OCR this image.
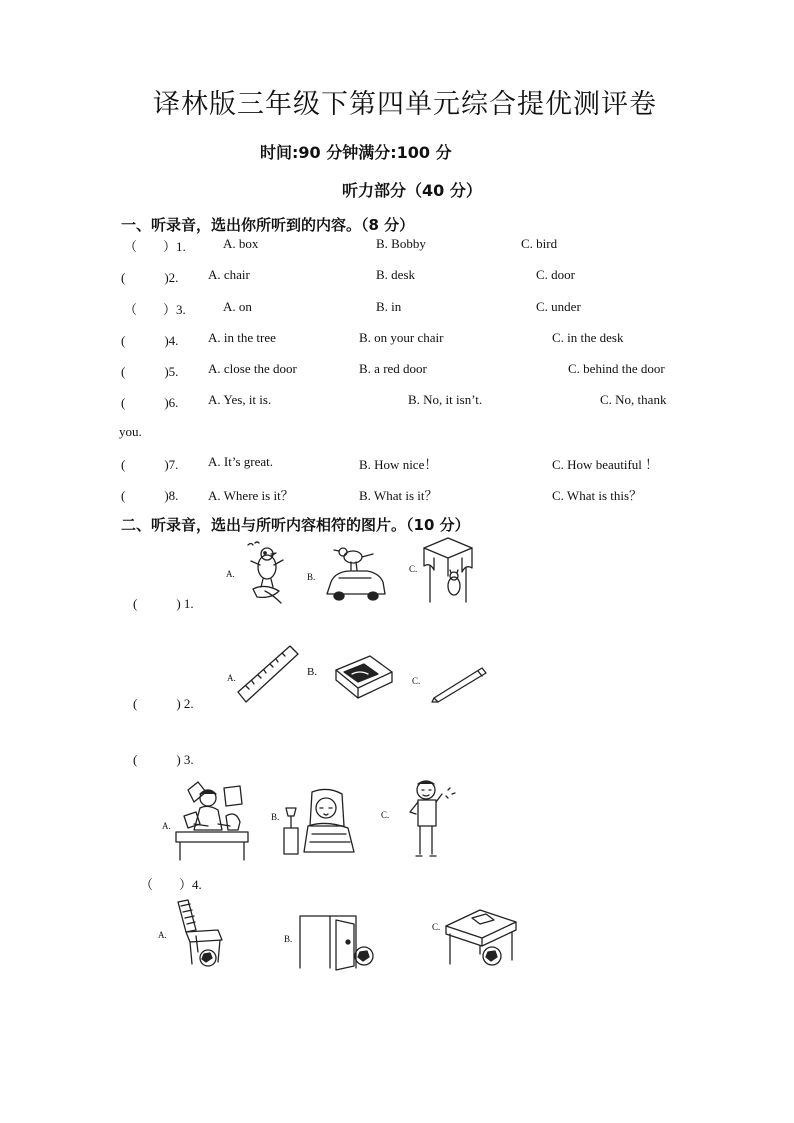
译林版三年级下第四单元综合提优测评卷
时间:90 分钟满分:100 分
听力部分（40 分）
一、听录音，选出你所听到的内容。（8 分）
（　　）1.	A. box	B. Bobby	C. bird
(　　　)2. A. chair	B. desk	C. door
（　　）3.	A. on	B. in	C. under
(　　　)4. A. in the tree	B. on your chair	C. in the desk
(　　　)5. A. close the door	B. a red door	C. behind the door
(　　　)6. A. Yes, it is.	B. No, it isn’t.	C. No, thank
you.
(　　　)7. A. It’s great.	B. How nice！	C. How beautiful ！
(　　　)8. A. Where is it？	B. What is it？	C. What is this？
二、听录音，选出与所听内容相符的图片。（10 分）
(　　　) 1.
A.	B.
C.
(　　　) 2.
A.	B.
C.
(　　　) 3.
A.
B.	C.
（　　）4.
A.	B.
C.
